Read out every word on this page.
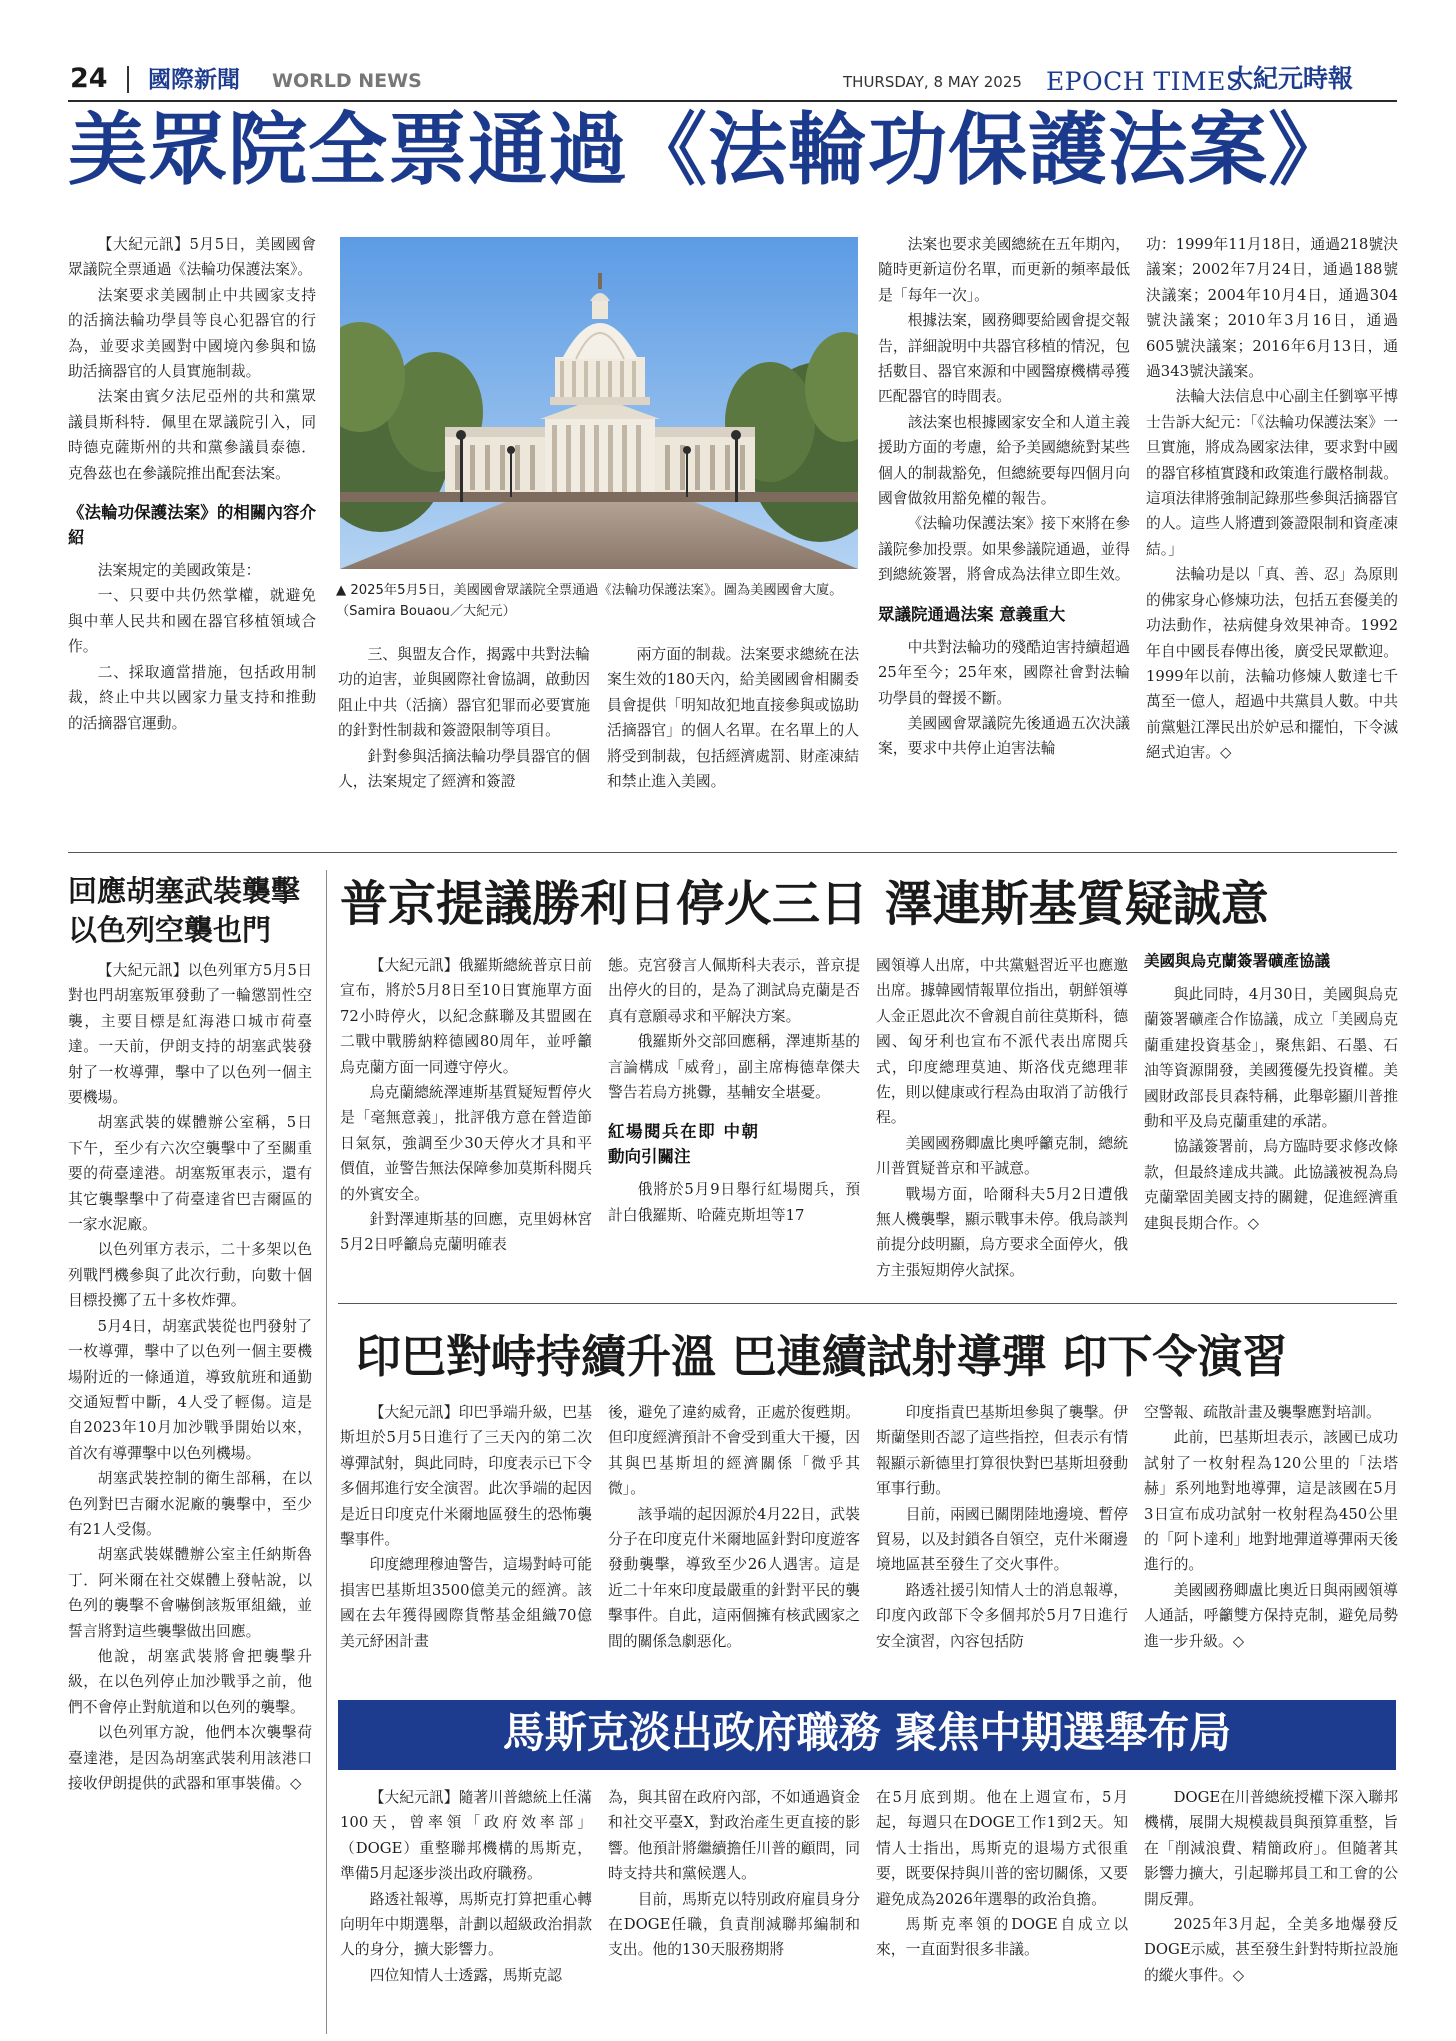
24 國際新聞 WORLD NEWS	THURSDAY, 8 MAY 2025 EPOCH TIMES
大紀元時報
美眾院全票通過《法輪功保護法案》

【大紀元訊】5月5日，美國國會眾議院全票通過《法輪功保護法案》。

法案要求美國制止中共國家支持的活摘法輪功學員等良心犯器官的行為，並要求美國對中國境內參與和協助活摘器官的人員實施制裁。

法案由賓夕法尼亞州的共和黨眾議員斯科特．佩里在眾議院引入，同時德克薩斯州的共和黨參議員泰德．克魯茲也在參議院推出配套法案。

《法輪功保護法案》的相關內容介紹

法案規定的美國政策是：

一、只要中共仍然掌權，就避免與中華人民共和國在器官移植領域合作。

二、採取適當措施，包括政用制裁，終止中共以國家力量支持和推動的活摘器官運動。

▲ 2025年5月5日，美國國會眾議院全票通過《法輪功保護法案》。圖為美國國會大廈。（Samira Bouaou／大紀元）

三、與盟友合作，揭露中共對法輪功的迫害，並與國際社會協調，啟動因阻止中共（活摘）器官犯罪而必要實施的針對性制裁和簽證限制等項目。

針對參與活摘法輪功學員器官的個人，法案規定了經濟和簽證

兩方面的制裁。法案要求總統在法案生效的180天內，給美國國會相關委員會提供「明知故犯地直接參與或協助活摘器官」的個人名單。在名單上的人將受到制裁，包括經濟處罰、財產凍結和禁止進入美國。

法案也要求美國總統在五年期內，隨時更新這份名單，而更新的頻率最低是「每年一次」。

根據法案，國務卿要給國會提交報告，詳細說明中共器官移植的情況，包括數目、器官來源和中國醫療機構尋獲匹配器官的時間表。

該法案也根據國家安全和人道主義援助方面的考慮，給予美國總統對某些個人的制裁豁免，但總統要每四個月向國會做敘用豁免權的報告。

《法輪功保護法案》接下來將在參議院參加投票。如果參議院通過，並得到總統簽署，將會成為法律立即生效。

眾議院通過法案 意義重大

中共對法輪功的殘酷迫害持續超過25年至今；25年來，國際社會對法輪功學員的聲援不斷。

美國國會眾議院先後通過五次決議案，要求中共停止迫害法輪

功：1999年11月18日，通過218號決議案；2002年7月24日，通過188號決議案；2004年10月4日，通過304號決議案；2010年3月16日，通過605號決議案；2016年6月13日，通過343號決議案。

法輪大法信息中心副主任劉寧平博士告訴大紀元：「《法輪功保護法案》一旦實施，將成為國家法律，要求對中國的器官移植實踐和政策進行嚴格制裁。這項法律將強制記錄那些參與活摘器官的人。這些人將遭到簽證限制和資產凍結。」

法輪功是以「真、善、忍」為原則的佛家身心修煉功法，包括五套優美的功法動作，祛病健身效果神奇。1992年自中國長春傳出後，廣受民眾歡迎。1999年以前，法輪功修煉人數達七千萬至一億人，超過中共黨員人數。中共前黨魁江澤民出於妒忌和擺怕，下令滅絕式迫害。◇

回應胡塞武裝襲擊以色列空襲也門

【大紀元訊】以色列軍方5月5日對也門胡塞叛軍發動了一輪懲罰性空襲，主要目標是紅海港口城市荷臺達。一天前，伊朗支持的胡塞武裝發射了一枚導彈，擊中了以色列一個主要機場。

胡塞武裝的媒體辦公室稱，5日下午，至少有六次空襲擊中了至關重要的荷臺達港。胡塞叛軍表示，還有其它襲擊擊中了荷臺達省巴吉爾區的一家水泥廠。

以色列軍方表示，二十多架以色列戰鬥機參與了此次行動，向數十個目標投擲了五十多枚炸彈。

5月4日，胡塞武裝從也門發射了一枚導彈，擊中了以色列一個主要機場附近的一條通道，導致航班和通勤交通短暫中斷，4人受了輕傷。這是自2023年10月加沙戰爭開始以來，首次有導彈擊中以色列機場。

胡塞武裝控制的衛生部稱，在以色列對巴吉爾水泥廠的襲擊中，至少有21人受傷。

胡塞武裝媒體辦公室主任納斯魯丁．阿米爾在社交媒體上發帖說，以色列的襲擊不會嚇倒該叛軍組織，並誓言將對這些襲擊做出回應。

他說，胡塞武裝將會把襲擊升級，在以色列停止加沙戰爭之前，他們不會停止對航道和以色列的襲擊。

以色列軍方說，他們本次襲擊荷臺達港，是因為胡塞武裝利用該港口接收伊朗提供的武器和軍事裝備。◇

普京提議勝利日停火三日 澤連斯基質疑誠意

【大紀元訊】俄羅斯總統普京日前宣布，將於5月8日至10日實施單方面72小時停火，以紀念蘇聯及其盟國在二戰中戰勝納粹德國80周年，並呼籲烏克蘭方面一同遵守停火。

烏克蘭總統澤連斯基質疑短暫停火是「毫無意義」，批評俄方意在營造節日氣氛，強調至少30天停火才具和平價值，並警告無法保障參加莫斯科閱兵的外賓安全。

針對澤連斯基的回應，克里姆林宮5月2日呼籲烏克蘭明確表

態。克宮發言人佩斯科夫表示，普京提出停火的目的，是為了測試烏克蘭是否真有意願尋求和平解決方案。

俄羅斯外交部回應稱，澤連斯基的言論構成「威脅」，副主席梅德韋傑夫警告若烏方挑釁，基輔安全堪憂。

紅場閱兵在即 中朝動向引關注

俄將於5月9日舉行紅場閱兵，預計白俄羅斯、哈薩克斯坦等17

國領導人出席，中共黨魁習近平也應邀出席。據韓國情報單位指出，朝鮮領導人金正恩此次不會親自前往莫斯科，德國、匈牙利也宣布不派代表出席閱兵式，印度總理莫迪、斯洛伐克總理菲佐，則以健康或行程為由取消了訪俄行程。

美國國務卿盧比奧呼籲克制，總統川普質疑普京和平誠意。

戰場方面，哈爾科夫5月2日遭俄無人機襲擊，顯示戰事未停。俄烏談判前提分歧明顯，烏方要求全面停火，俄方主張短期停火試探。

美國與烏克蘭簽署礦產協議

與此同時，4月30日，美國與烏克蘭簽署礦產合作協議，成立「美國烏克蘭重建投資基金」，聚焦鋁、石墨、石油等資源開發，美國獲優先投資權。美國財政部長貝森特稱，此舉彰顯川普推動和平及烏克蘭重建的承諾。

協議簽署前，烏方臨時要求修改條款，但最終達成共識。此協議被視為烏克蘭鞏固美國支持的關鍵，促進經濟重建與長期合作。◇

印巴對峙持續升溫 巴連續試射導彈 印下令演習

【大紀元訊】印巴爭端升級，巴基斯坦於5月5日進行了三天內的第二次導彈試射，與此同時，印度表示已下令多個邦進行安全演習。此次爭端的起因是近日印度克什米爾地區發生的恐怖襲擊事件。

印度總理穆迪警告，這場對峙可能損害巴基斯坦3500億美元的經濟。該國在去年獲得國際貨幣基金組織70億美元紓困計畫

後，避免了違約威脅，正處於復甦期。但印度經濟預計不會受到重大干擾，因其與巴基斯坦的經濟關係「微乎其微」。

該爭端的起因源於4月22日，武裝分子在印度克什米爾地區針對印度遊客發動襲擊，導致至少26人遇害。這是近二十年來印度最嚴重的針對平民的襲擊事件。自此，這兩個擁有核武國家之間的關係急劇惡化。

印度指責巴基斯坦參與了襲擊。伊斯蘭堡則否認了這些指控，但表示有情報顯示新德里打算很快對巴基斯坦發動軍事行動。

目前，兩國已關閉陸地邊境、暫停貿易，以及封鎖各自領空，克什米爾邊境地區甚至發生了交火事件。

路透社援引知情人士的消息報導，印度內政部下令多個邦於5月7日進行安全演習，內容包括防

空警報、疏散計畫及襲擊應對培訓。

此前，巴基斯坦表示，該國已成功試射了一枚射程為120公里的「法塔赫」系列地對地導彈，這是該國在5月3日宣布成功試射一枚射程為450公里的「阿卜達利」地對地彈道導彈兩天後進行的。

美國國務卿盧比奧近日與兩國領導人通話，呼籲雙方保持克制，避免局勢進一步升級。◇

馬斯克淡出政府職務 聚焦中期選舉布局

【大紀元訊】隨著川普總統上任滿100天，曾率領「政府效率部」（DOGE）重整聯邦機構的馬斯克，準備5月起逐步淡出政府職務。

路透社報導，馬斯克打算把重心轉向明年中期選舉，計劃以超級政治捐款人的身分，擴大影響力。

四位知情人士透露，馬斯克認

為，與其留在政府內部，不如通過資金和社交平臺X，對政治產生更直接的影響。他預計將繼續擔任川普的顧問，同時支持共和黨候選人。

目前，馬斯克以特別政府雇員身分在DOGE任職，負責削減聯邦編制和支出。他的130天服務期將

在5月底到期。他在上週宣布，5月起，每週只在DOGE工作1到2天。知情人士指出，馬斯克的退場方式很重要，既要保持與川普的密切關係，又要避免成為2026年選舉的政治負擔。

馬斯克率領的DOGE自成立以來，一直面對很多非議。

DOGE在川普總統授權下深入聯邦機構，展開大規模裁員與預算重整，旨在「削減浪費、精簡政府」。但隨著其影響力擴大，引起聯邦員工和工會的公開反彈。

2025年3月起，全美多地爆發反DOGE示威，甚至發生針對特斯拉設施的縱火事件。◇
